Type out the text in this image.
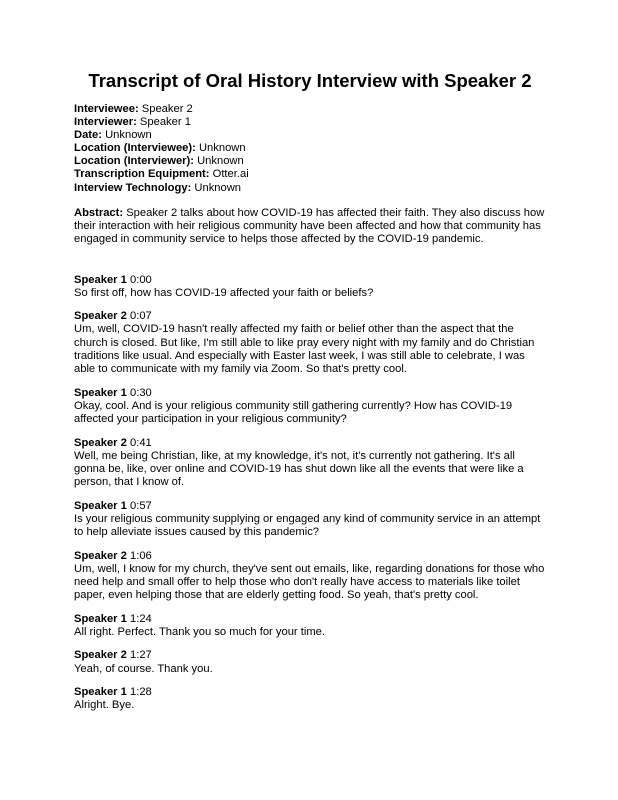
Transcript of Oral History Interview with Speaker 2

Interviewee: Speaker 2

Interviewer: Speaker 1

Date: Unknown

Location (Interviewee): Unknown

Location (Interviewer): Unknown

Transcription Equipment: Otter.ai

Interview Technology: Unknown

Abstract: Speaker 2 talks about how COVID-19 has affected their faith. They also discuss how their interaction with heir religious community have been affected and how that community has engaged in community service to helps those affected by the COVID-19 pandemic.

Speaker 1 0:00

So first off, how has COVID-19 affected your faith or beliefs?

Speaker 2 0:07

Um, well, COVID-19 hasn't really affected my faith or belief other than the aspect that the church is closed. But like, I'm still able to like pray every night with my family and do Christian traditions like usual. And especially with Easter last week, I was still able to celebrate, I was able to communicate with my family via Zoom. So that's pretty cool.

Speaker 1 0:30

Okay, cool. And is your religious community still gathering currently? How has COVID-19 affected your participation in your religious community?

Speaker 2 0:41

Well, me being Christian, like, at my knowledge, it's not, it's currently not gathering. It's all gonna be, like, over online and COVID-19 has shut down like all the events that were like a person, that I know of.

Speaker 1 0:57

Is your religious community supplying or engaged any kind of community service in an attempt to help alleviate issues caused by this pandemic?

Speaker 2 1:06

Um, well, I know for my church, they've sent out emails, like, regarding donations for those who need help and small offer to help those who don't really have access to materials like toilet paper, even helping those that are elderly getting food. So yeah, that's pretty cool.

Speaker 1 1:24

All right. Perfect. Thank you so much for your time.

Speaker 2 1:27

Yeah, of course. Thank you.

Speaker 1 1:28

Alright. Bye.
